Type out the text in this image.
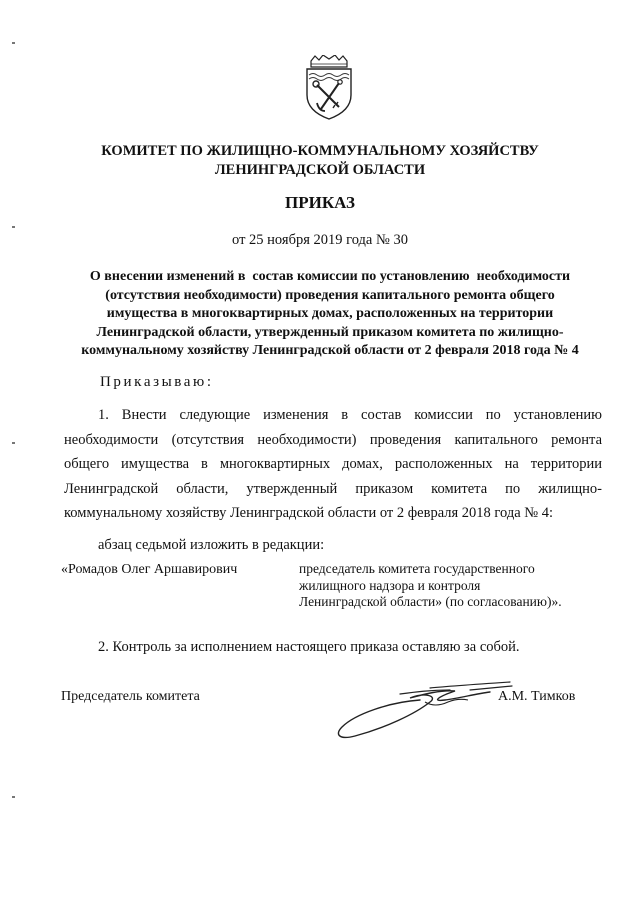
КОМИТЕТ ПО ЖИЛИЩНО-КОММУНАЛЬНОМУ ХОЗЯЙСТВУ
ЛЕНИНГРАДСКОЙ ОБЛАСТИ
ПРИКАЗ
от 25 ноября 2019 года № 30
О внесении изменений в  состав комиссии по установлению  необходимости
(отсутствия необходимости) проведения капитального ремонта общего
имущества в многоквартирных домах, расположенных на территории
Ленинградской области, утвержденный приказом комитета по жилищно-
коммунальному хозяйству Ленинградской области от 2 февраля 2018 года № 4
Приказываю:
1. Внести следующие изменения в состав комиссии по установлению необходимости (отсутствия необходимости) проведения капитального ремонта общего имущества в многоквартирных домах, расположенных на территории Ленинградской области, утвержденный приказом комитета по жилищно-коммунальному хозяйству Ленинградской области от 2 февраля 2018 года № 4:
абзац седьмой изложить в редакции:
«Ромадов Олег Аршавирович	председатель комитета государственного
жилищного надзора и контроля
Ленинградской области» (по согласованию)».
2. Контроль за исполнением настоящего приказа оставляю за собой.
Председатель комитета	А.М. Тимков
